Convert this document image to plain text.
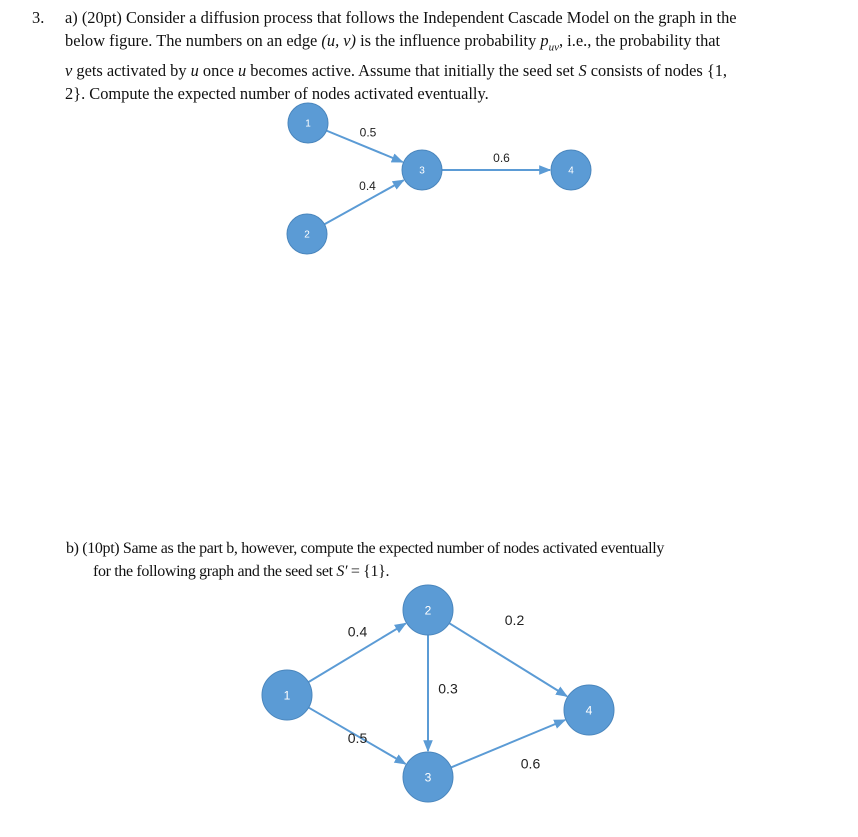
3. a) (20pt) Consider a diffusion process that follows the Independent Cascade Model on the graph in the
below figure. The numbers on an edge (u, v) is the influence probability $p_{uv}$, i.e., the probability that
v gets activated by u once u becomes active. Assume that initially the seed set S consists of nodes {1,
2}. Compute the expected number of nodes activated eventually.
b) (10pt) Same as the part b, however, compute the expected number of nodes activated eventually
for the following graph and the seed set S′ = {1}.
0.5
0.4
0.6
1
2
3	4
0.4
0.5
0.3
0.2
0.6
1
2
3
4
